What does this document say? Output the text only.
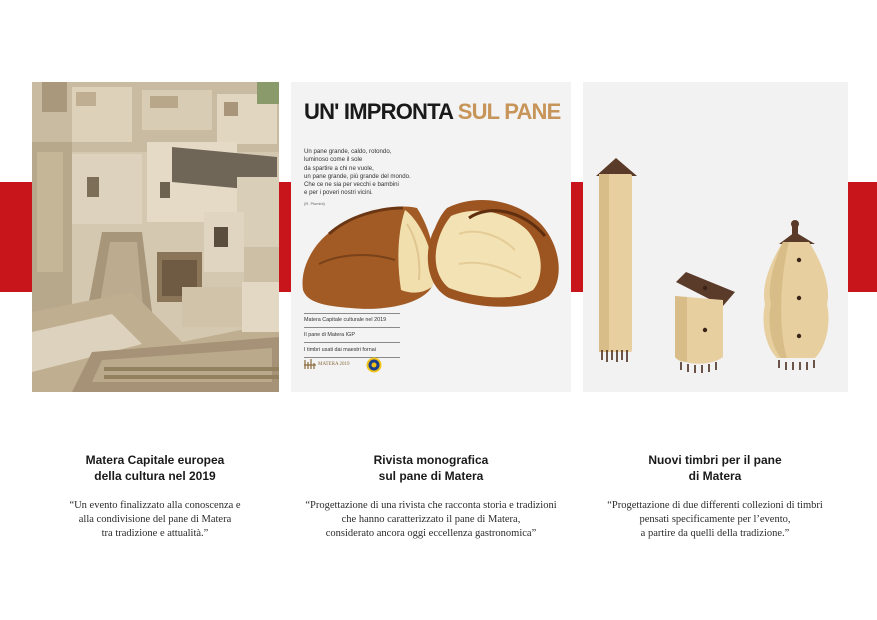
UN' IMPRONTA SUL PANE
Un pane grande, caldo, rotondo,
luminoso come il sole
da spartire a chi ne vuole,
un pane grande, più grande del mondo.
Che ce ne sia per vecchi e bambini
e per i poveri nostri vicini.
(R. Piumini)
Matera Capitale culturale nel 2019
Il pane di Matera IGP
I timbri usati dai maestri fornai
MATERA 2019
Matera Capitale europea
della cultura nel 2019

“Un evento finalizzato alla conoscenza e
alla condivisione del pane di Matera
tra tradizione e attualità.”

Rivista monografica
sul pane di Matera

“Progettazione di una rivista che racconta storia e tradizioni
che hanno caratterizzato il pane di Matera,
considerato ancora oggi eccellenza gastronomica”

Nuovi timbri per il pane
di Matera

“Progettazione di due differenti collezioni di timbri
pensati specificamente per l’evento,
a partire da quelli della tradizione.”
